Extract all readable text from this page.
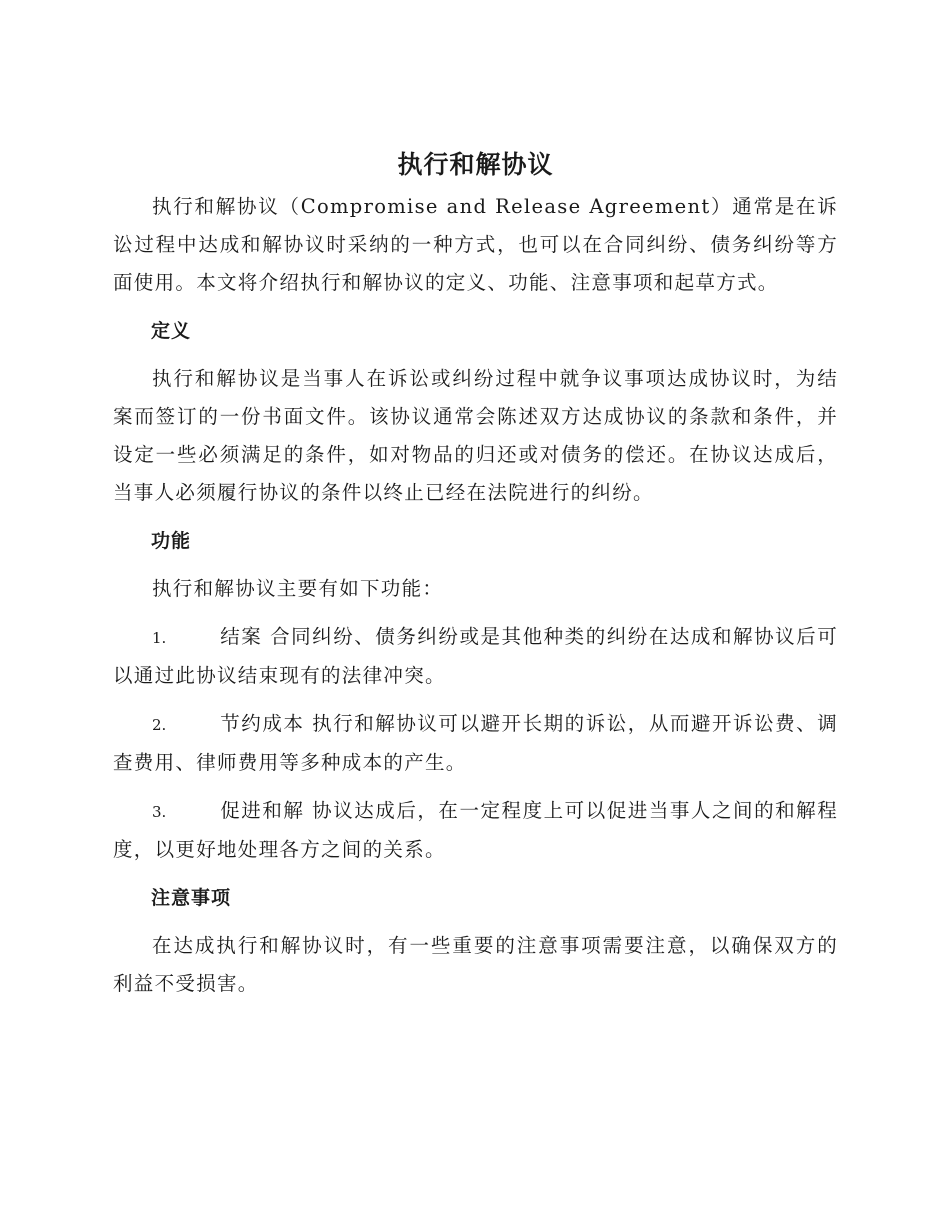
执行和解协议

执行和解协议（Compromise and Release Agreement）通常是在诉讼过程中达成和解协议时采纳的一种方式，也可以在合同纠纷、债务纠纷等方面使用。本文将介绍执行和解协议的定义、功能、注意事项和起草方式。

定义

执行和解协议是当事人在诉讼或纠纷过程中就争议事项达成协议时，为结案而签订的一份书面文件。该协议通常会陈述双方达成协议的条款和条件，并设定一些必须满足的条件，如对物品的归还或对债务的偿还。在协议达成后，当事人必须履行协议的条件以终止已经在法院进行的纠纷。

功能

执行和解协议主要有如下功能：

1.	结案 合同纠纷、债务纠纷或是其他种类的纠纷在达成和解协议后可以通过此协议结束现有的法律冲突。

2.	节约成本 执行和解协议可以避开长期的诉讼，从而避开诉讼费、调查费用、律师费用等多种成本的产生。

3.	促进和解 协议达成后，在一定程度上可以促进当事人之间的和解程度，以更好地处理各方之间的关系。

注意事项

在达成执行和解协议时，有一些重要的注意事项需要注意，以确保双方的利益不受损害。
